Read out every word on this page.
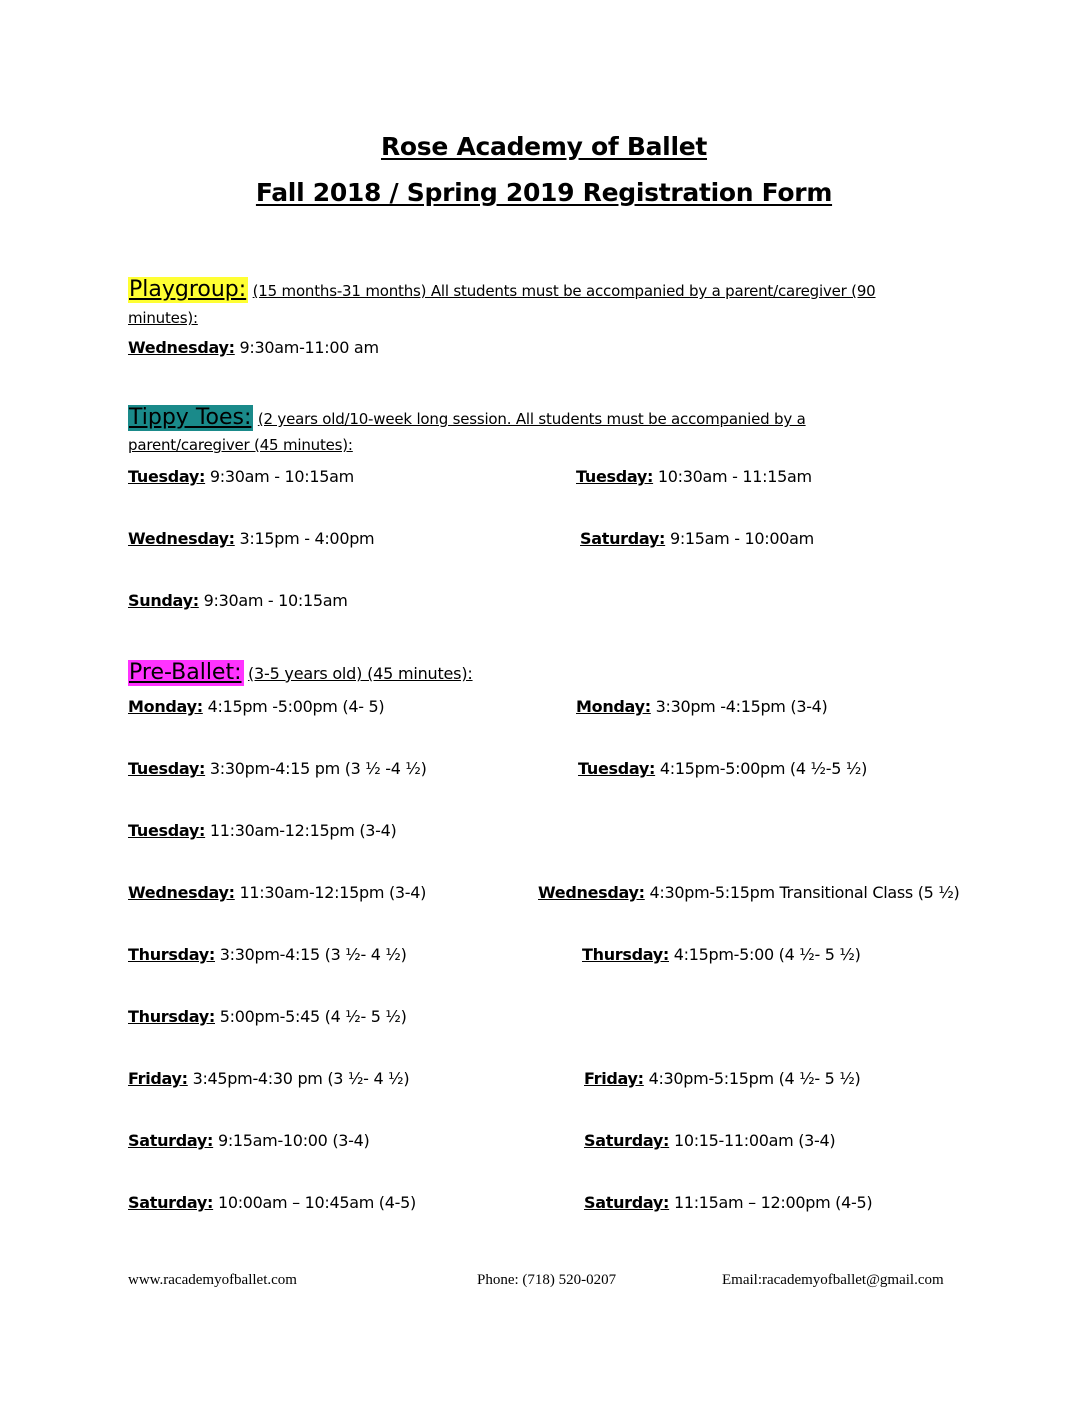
Rose Academy of Ballet
Fall 2018 / Spring 2019 Registration Form
Playgroup: (15 months-31 months) All students must be accompanied by a parent/caregiver (90
minutes):
Wednesday: 9:30am-11:00 am
Tippy Toes: (2 years old/10-week long session. All students must be accompanied by a
parent/caregiver (45 minutes):
Tuesday: 9:30am - 10:15am	Tuesday: 10:30am - 11:15am
Wednesday: 3:15pm - 4:00pm	Saturday: 9:15am - 10:00am
Sunday: 9:30am - 10:15am
Pre-Ballet: (3-5 years old) (45 minutes):
Monday: 4:15pm -5:00pm (4- 5)	Monday: 3:30pm -4:15pm (3-4)
Tuesday: 3:30pm-4:15 pm (3 ½ -4 ½)	Tuesday: 4:15pm-5:00pm (4 ½-5 ½)
Tuesday: 11:30am-12:15pm (3-4)
Wednesday: 11:30am-12:15pm (3-4)	Wednesday: 4:30pm-5:15pm Transitional Class (5 ½)
Thursday: 3:30pm-4:15 (3 ½- 4 ½)	Thursday: 4:15pm-5:00 (4 ½- 5 ½)
Thursday: 5:00pm-5:45 (4 ½- 5 ½)
Friday: 3:45pm-4:30 pm (3 ½- 4 ½)	Friday: 4:30pm-5:15pm (4 ½- 5 ½)
Saturday: 9:15am-10:00 (3-4)	Saturday: 10:15-11:00am (3-4)
Saturday: 10:00am – 10:45am (4-5)	Saturday: 11:15am – 12:00pm (4-5)
www.racademyofballet.com	Phone: (718) 520-0207	Email:racademyofballet@gmail.com
